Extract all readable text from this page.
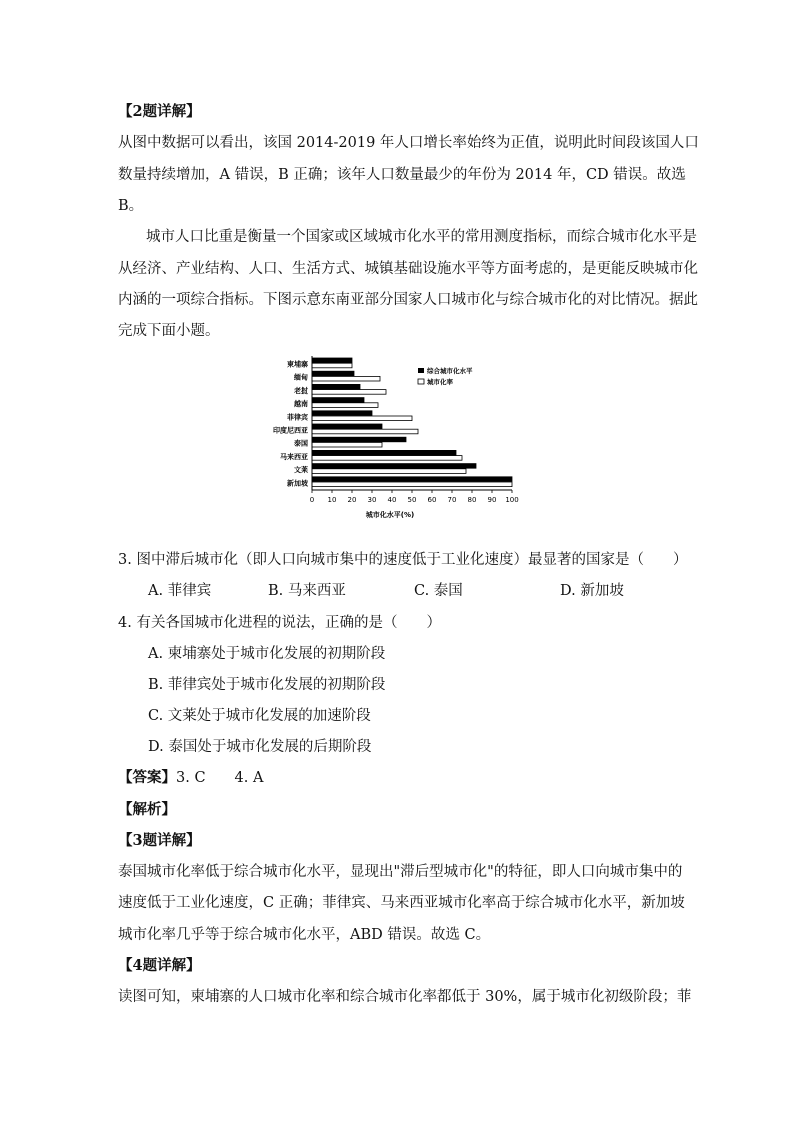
【2题详解】
从图中数据可以看出，该国 2014-2019 年人口增长率始终为正值，说明此时间段该国人口
数量持续增加，A 错误，B 正确；该年人口数量最少的年份为 2014 年，CD 错误。故选
B。
城市人口比重是衡量一个国家或区域城市化水平的常用测度指标，而综合城市化水平是
从经济、产业结构、人口、生活方式、城镇基础设施水平等方面考虑的，是更能反映城市化
内涵的一项综合指标。下图示意东南亚部分国家人口城市化与综合城市化的对比情况。据此
完成下面小题。
0 10 20 30 40 50 60 70 80 90 100
柬埔寨
缅甸
老挝
越南
菲律宾
印度尼西亚
泰国
马来西亚
文莱
新加坡
城市化水平(%)
综合城市化水平
城市化率
3. 图中滞后城市化（即人口向城市集中的速度低于工业化速度）最显著的国家是（　　）
A. 菲律宾	B. 马来西亚	C. 泰国	D. 新加坡
4. 有关各国城市化进程的说法，正确的是（　　）
A. 柬埔寨处于城市化发展的初期阶段
B. 菲律宾处于城市化发展的初期阶段
C. 文莱处于城市化发展的加速阶段
D. 泰国处于城市化发展的后期阶段
【答案】3. C　　4. A
【解析】
【3题详解】
泰国城市化率低于综合城市化水平，显现出"滞后型城市化"的特征，即人口向城市集中的
速度低于工业化速度，C 正确；菲律宾、马来西亚城市化率高于综合城市化水平，新加坡
城市化率几乎等于综合城市化水平，ABD 错误。故选 C。
【4题详解】
读图可知，柬埔寨的人口城市化率和综合城市化率都低于 30%，属于城市化初级阶段；菲
